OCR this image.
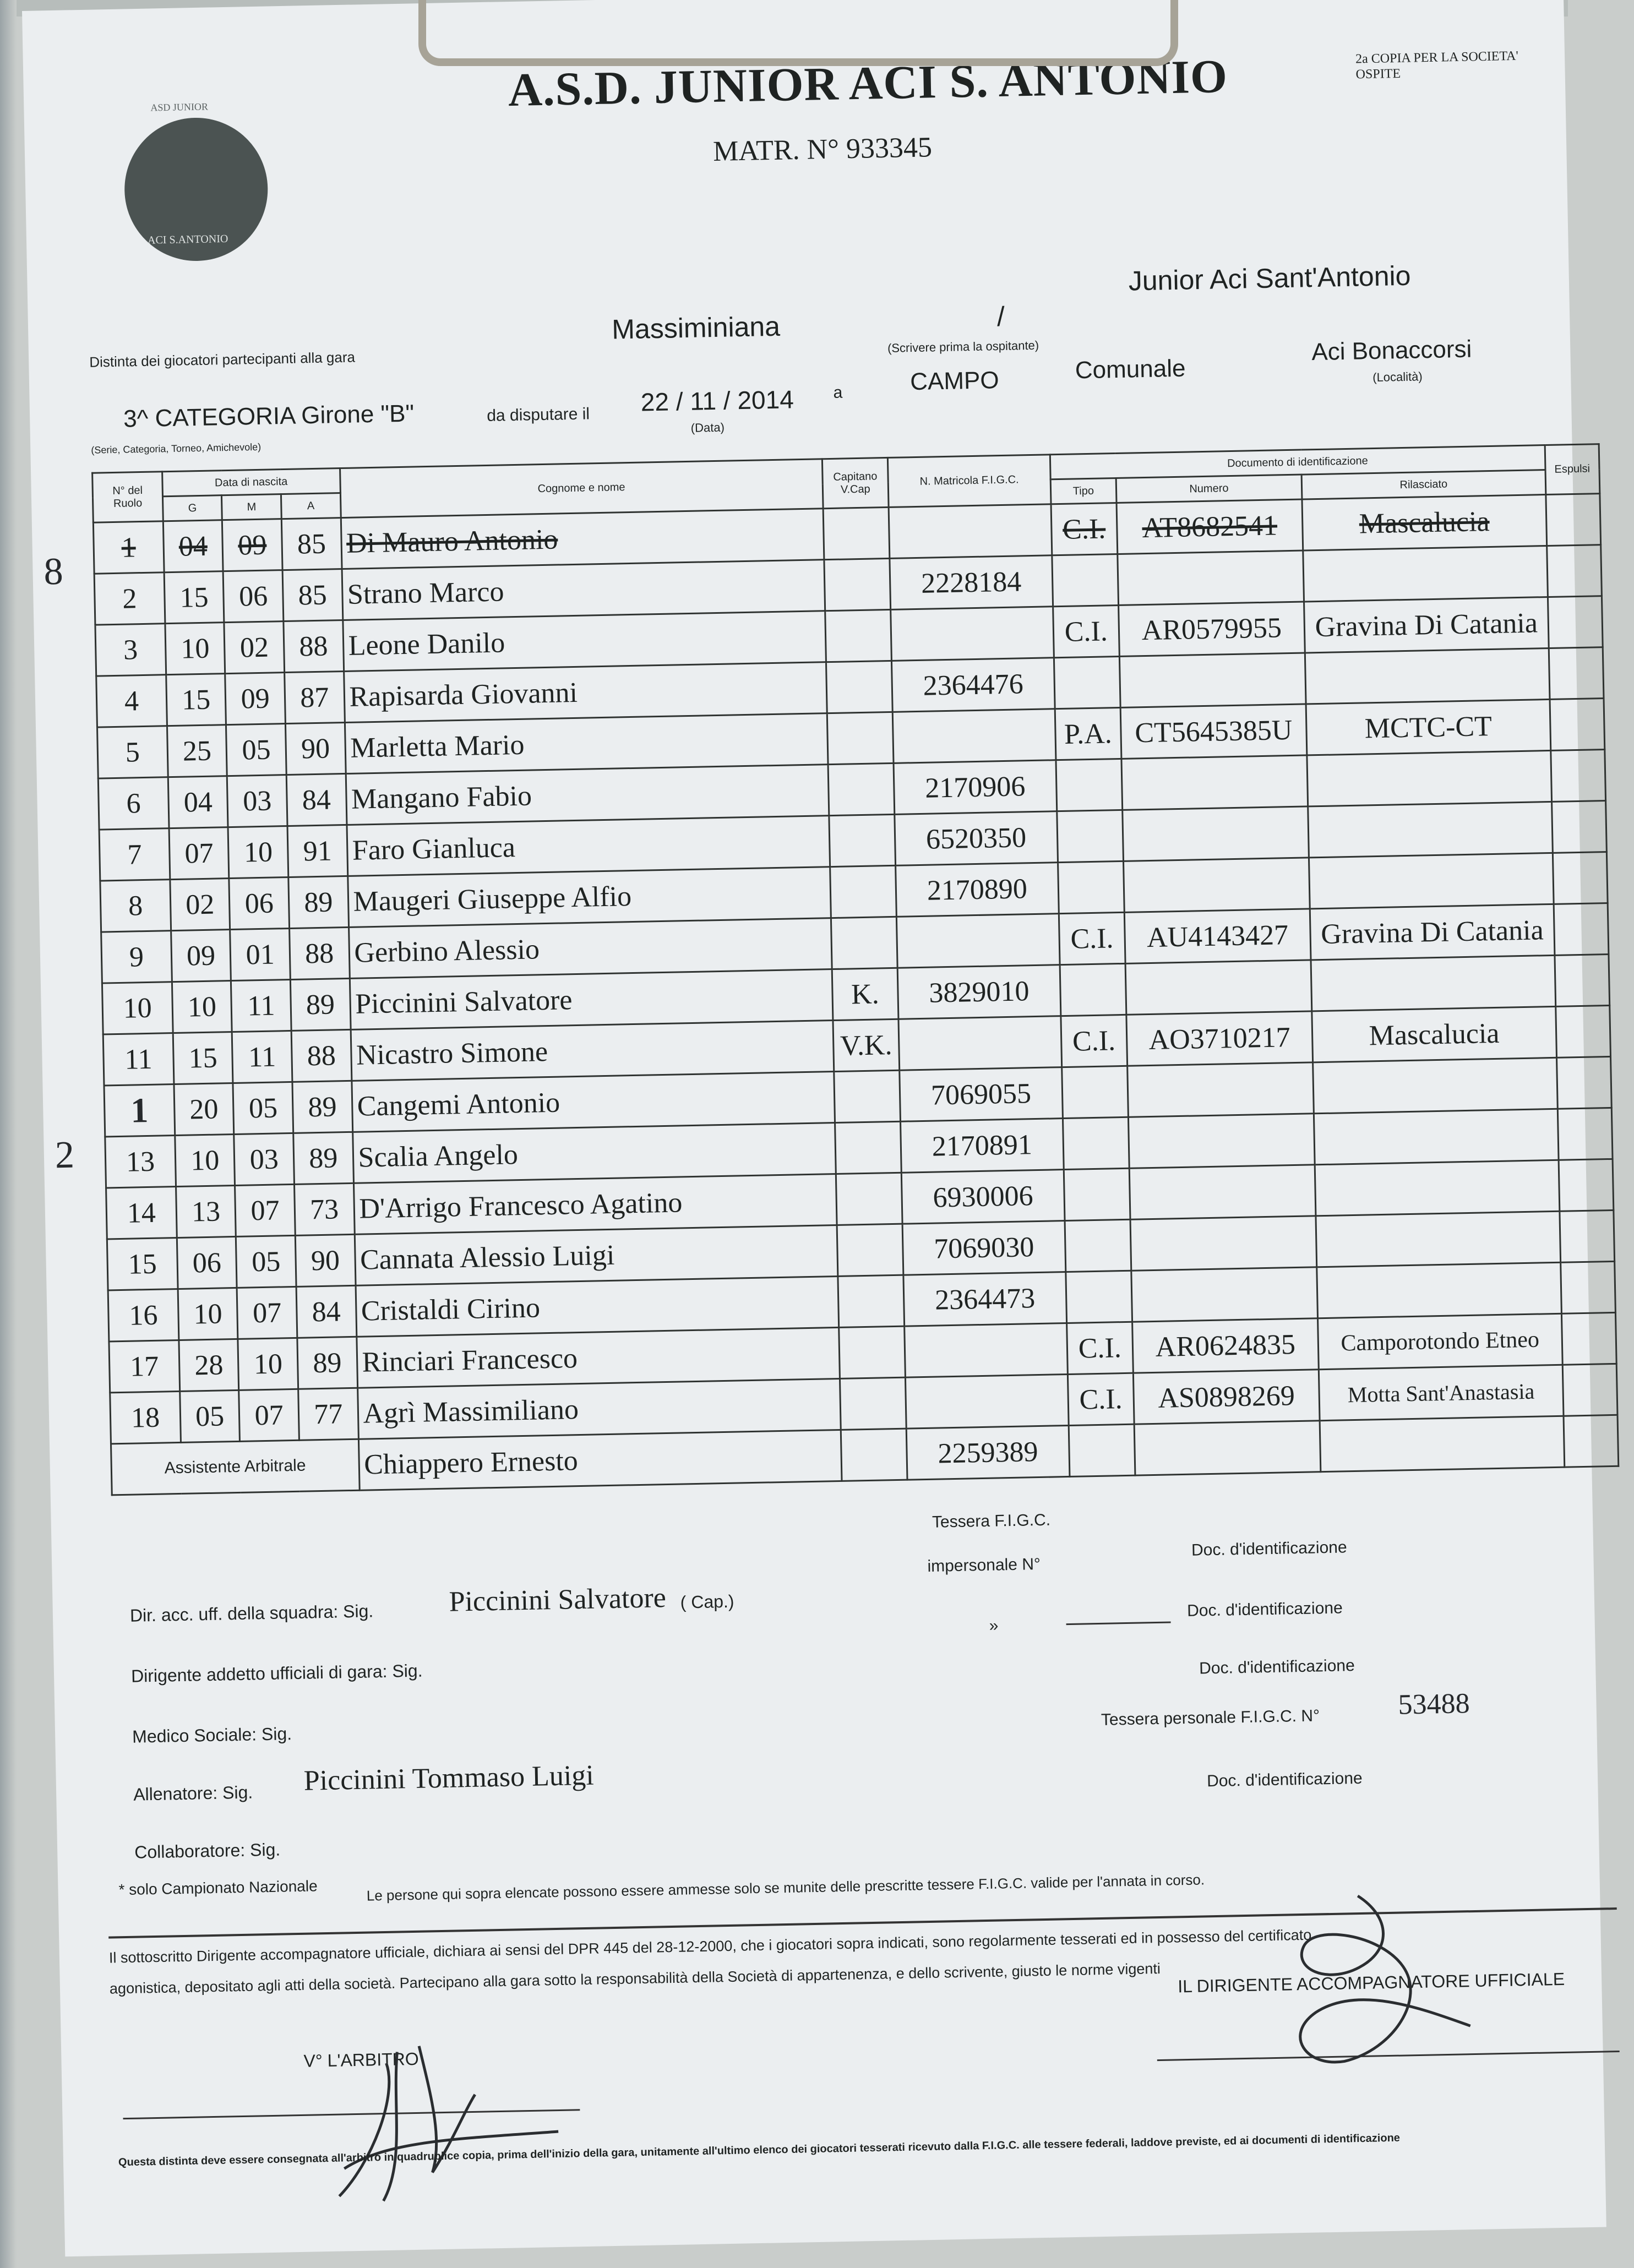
ASD JUNIOR
ACI S.ANTONIO
A.S.D. JUNIOR ACI S. ANTONIO
MATR. N° 933345
2a COPIA PER LA SOCIETA' OSPITE
Distinta dei giocatori partecipanti alla gara
Massiminiana	/
Junior Aci Sant'Antonio
(Scrivere prima la ospitante)
3^ CATEGORIA Girone "B"
(Serie, Categoria, Torneo, Amichevole)
da disputare il 22 / 11 / 2014
(Data)
a	CAMPO	Comunale
Aci Bonaccorsi
(Località)
N° del Ruolo	Data di nascita			Cognome e nome	Capitano V.Cap	N. Matricola F.I.G.C.	Documento di identificazione			Espulsi
	G	M	A				Tipo	Numero	Rilasciato	
1	04	09	85	Di Mauro Antonio			C.I.	AT8682541	Mascalucia	
2	15	06	85	Strano Marco		2228184				
3	10	02	88	Leone Danilo			C.I.	AR0579955	Gravina Di Catania	
4	15	09	87	Rapisarda Giovanni		2364476				
5	25	05	90	Marletta Mario			P.A.	CT5645385U	MCTC-CT	
6	04	03	84	Mangano Fabio		2170906				
7	07	10	91	Faro Gianluca		6520350				
8	02	06	89	Maugeri Giuseppe Alfio		2170890				
9	09	01	88	Gerbino Alessio			C.I.	AU4143427	Gravina Di Catania	
10	10	11	89	Piccinini Salvatore	K.	3829010				
11	15	11	88	Nicastro Simone	V.K.		C.I.	AO3710217	Mascalucia	
1	20	05	89	Cangemi Antonio		7069055				
13	10	03	89	Scalia Angelo		2170891				
14	13	07	73	D'Arrigo Francesco Agatino		6930006				
15	06	05	90	Cannata Alessio Luigi		7069030				
16	10	07	84	Cristaldi Cirino		2364473				
17	28	10	89	Rinciari Francesco			C.I.	AR0624835	Camporotondo Etneo	
18	05	07	77	Agrì Massimiliano			C.I.	AS0898269	Motta Sant'Anastasia	
Assistente Arbitrale				Chiappero Ernesto		2259389				
8
2
Tessera F.I.G.C.
impersonale N°
Dir. acc. uff. della squadra: Sig.	Piccinini Salvatore ( Cap.)
Doc. d'identificazione
»
Doc. d'identificazione
Dirigente addetto ufficiali di gara: Sig.	Doc. d'identificazione
Medico Sociale: Sig.
Tessera personale F.I.G.C. N°	53488
Allenatore: Sig. Piccinini Tommaso Luigi	Doc. d'identificazione
Collaboratore: Sig.
* solo Campionato Nazionale	Le persone qui sopra elencate possono essere ammesse solo se munite delle prescritte tessere F.I.G.C. valide per l'annata in corso.
Il sottoscritto Dirigente accompagnatore ufficiale, dichiara ai sensi del DPR 445 del 28-12-2000, che i giocatori sopra indicati, sono regolarmente tesserati ed in possesso del certificato
agonistica, depositato agli atti della società. Partecipano alla gara sotto la responsabilità della Società di appartenenza, e dello scrivente, giusto le norme vigenti
V° L'ARBITRO
IL DIRIGENTE ACCOMPAGNATORE UFFICIALE
Questa distinta deve essere consegnata all'arbitro in quadruplice copia, prima dell'inizio della gara, unitamente all'ultimo elenco dei giocatori tesserati ricevuto dalla F.I.G.C. alle tessere federali, laddove previste, ed ai documenti di identificazione
